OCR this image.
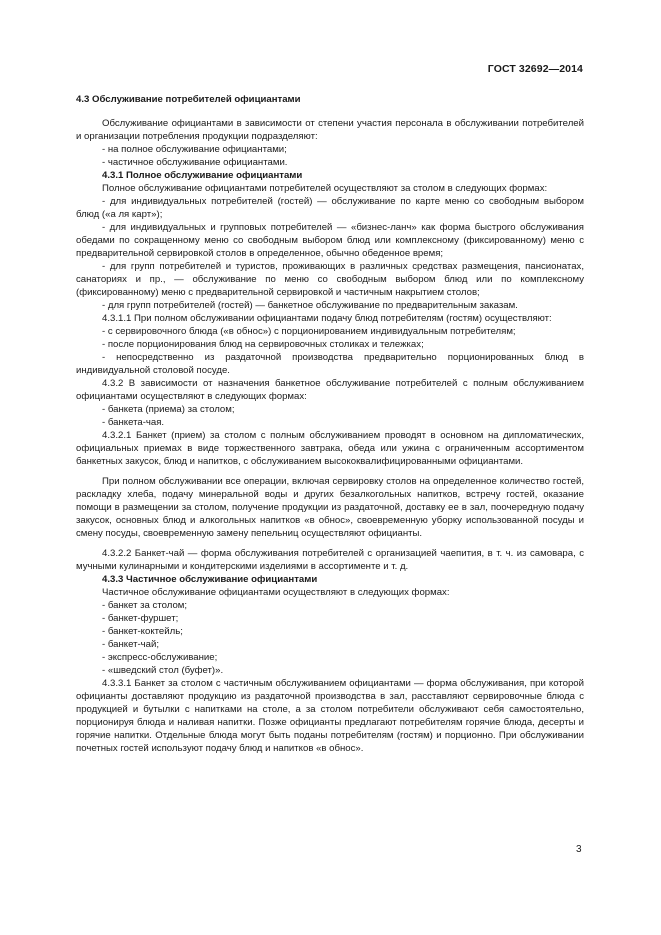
ГОСТ 32692—2014
4.3 Обслуживание потребителей официантами
Обслуживание официантами в зависимости от степени участия персонала в обслуживании потребителей и организации потребления продукции подразделяют:
- на полное обслуживание официантами;
- частичное обслуживание официантами.
4.3.1 Полное обслуживание официантами
Полное обслуживание официантами потребителей осуществляют за столом в следующих формах:
- для индивидуальных потребителей (гостей) — обслуживание по карте меню со свободным выбором блюд («а ля карт»);
- для индивидуальных и групповых потребителей — «бизнес-ланч» как форма быстрого обслуживания обедами по сокращенному меню со свободным выбором блюд или комплексному (фиксированному) меню с предварительной сервировкой столов в определенное, обычно обеденное время;
- для групп потребителей и туристов, проживающих в различных средствах размещения, пансионатах, санаториях и пр., — обслуживание по меню со свободным выбором блюд или по комплексному (фиксированному) меню с предварительной сервировкой и частичным накрытием столов;
- для групп потребителей (гостей) — банкетное обслуживание по предварительным заказам.
4.3.1.1 При полном обслуживании официантами подачу блюд потребителям (гостям) осуществляют:
- с сервировочного блюда («в обнос») с порционированием индивидуальным потребителям;
- после порционирования блюд на сервировочных столиках и тележках;
- непосредственно из раздаточной производства предварительно порционированных блюд в индивидуальной столовой посуде.
4.3.2 В зависимости от назначения банкетное обслуживание потребителей с полным обслуживанием официантами осуществляют в следующих формах:
- банкета (приема) за столом;
- банкета-чая.
4.3.2.1 Банкет (прием) за столом с полным обслуживанием проводят в основном на дипломатических, официальных приемах в виде торжественного завтрака, обеда или ужина с ограниченным ассортиментом банкетных закусок, блюд и напитков, с обслуживанием высококвалифицированными официантами.
При полном обслуживании все операции, включая сервировку столов на определенное количество гостей, раскладку хлеба, подачу минеральной воды и других безалкогольных напитков, встречу гостей, оказание помощи в размещении за столом, получение продукции из раздаточной, доставку ее в зал, поочередную подачу закусок, основных блюд и алкогольных напитков «в обнос», своевременную уборку использованной посуды и смену посуды, своевременную замену пепельниц осуществляют официанты.
4.3.2.2 Банкет-чай — форма обслуживания потребителей с организацией чаепития, в т. ч. из самовара, с мучными кулинарными и кондитерскими изделиями в ассортименте и т. д.
4.3.3 Частичное обслуживание официантами
Частичное обслуживание официантами осуществляют в следующих формах:
- банкет за столом;
- банкет-фуршет;
- банкет-коктейль;
- банкет-чай;
- экспресс-обслуживание;
- «шведский стол (буфет)».
4.3.3.1 Банкет за столом с частичным обслуживанием официантами — форма обслуживания, при которой официанты доставляют продукцию из раздаточной производства в зал, расставляют сервировочные блюда с продукцией и бутылки с напитками на столе, а за столом потребители обслуживают себя самостоятельно, порционируя блюда и наливая напитки. Позже официанты предлагают потребителям горячие блюда, десерты и горячие напитки. Отдельные блюда могут быть поданы потребителям (гостям) и порционно. При обслуживании почетных гостей используют подачу блюд и напитков «в обнос».
3
